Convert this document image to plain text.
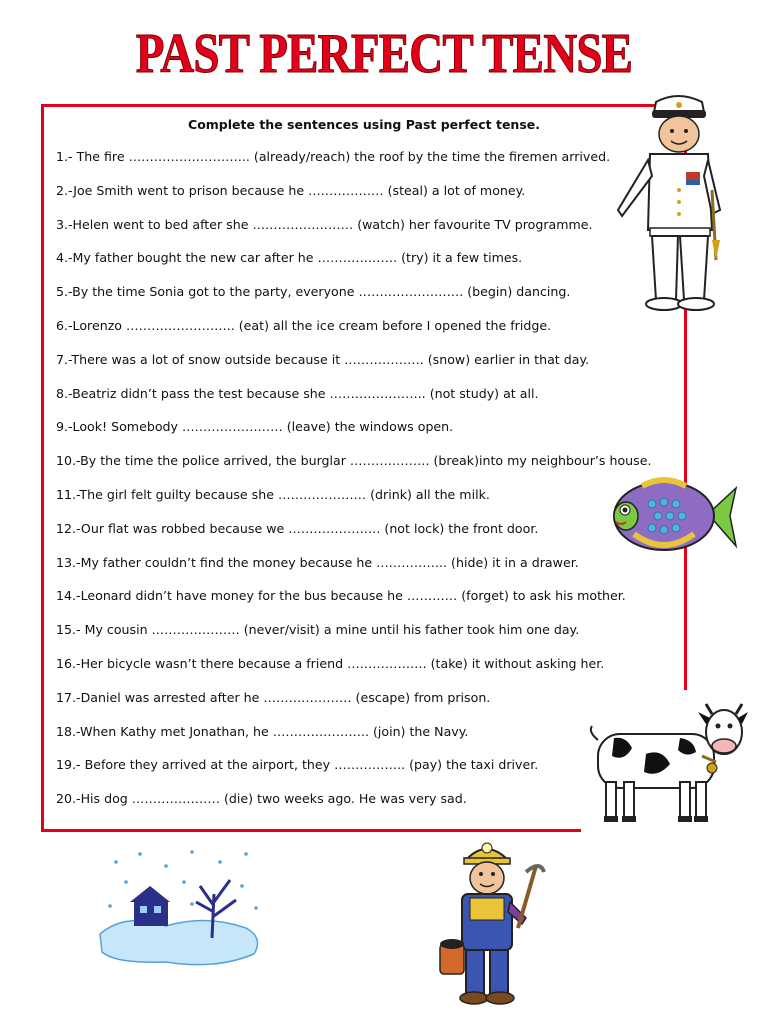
PAST PERFECT TENSE
Complete the sentences using Past perfect tense.
1.- The fire ……………………….. (already/reach) the roof by the time the firemen arrived.
2.-Joe Smith went to prison because he ……………… (steal) a lot of money.
3.-Helen went to bed after she …………………… (watch) her favourite TV programme.
4.-My father bought the new car after he ………………. (try) it a few times.
5.-By the time Sonia got to the party, everyone ……………………. (begin) dancing.
6.-Lorenzo …………………….. (eat) all the ice cream before I opened the fridge.
7.-There was a lot of snow outside because it ………………. (snow) earlier in that day.
8.-Beatriz didn’t pass the test because she ………………….. (not study) at all.
9.-Look! Somebody …………………… (leave) the windows open.
10.-By the time the police arrived, the burglar ………………. (break)into my neighbour’s house.
11.-The girl felt guilty because she ………………… (drink) all the milk.
12.-Our flat was robbed because we …………………. (not lock) the front door.
13.-My father couldn’t find the money because he …………….. (hide) it in a drawer.
14.-Leonard didn’t have money for the bus because he ………… (forget) to ask his mother.
15.- My cousin ………………… (never/visit) a mine until his father took him one day.
16.-Her bicycle wasn’t there because a friend ………………. (take) it without asking her.
17.-Daniel was arrested after he ………………… (escape) from prison.
18.-When Kathy met Jonathan, he ………………….. (join) the Navy.
19.- Before they arrived at the airport, they …………….. (pay) the taxi driver.
20.-His dog ………………… (die) two weeks ago. He was very sad.
